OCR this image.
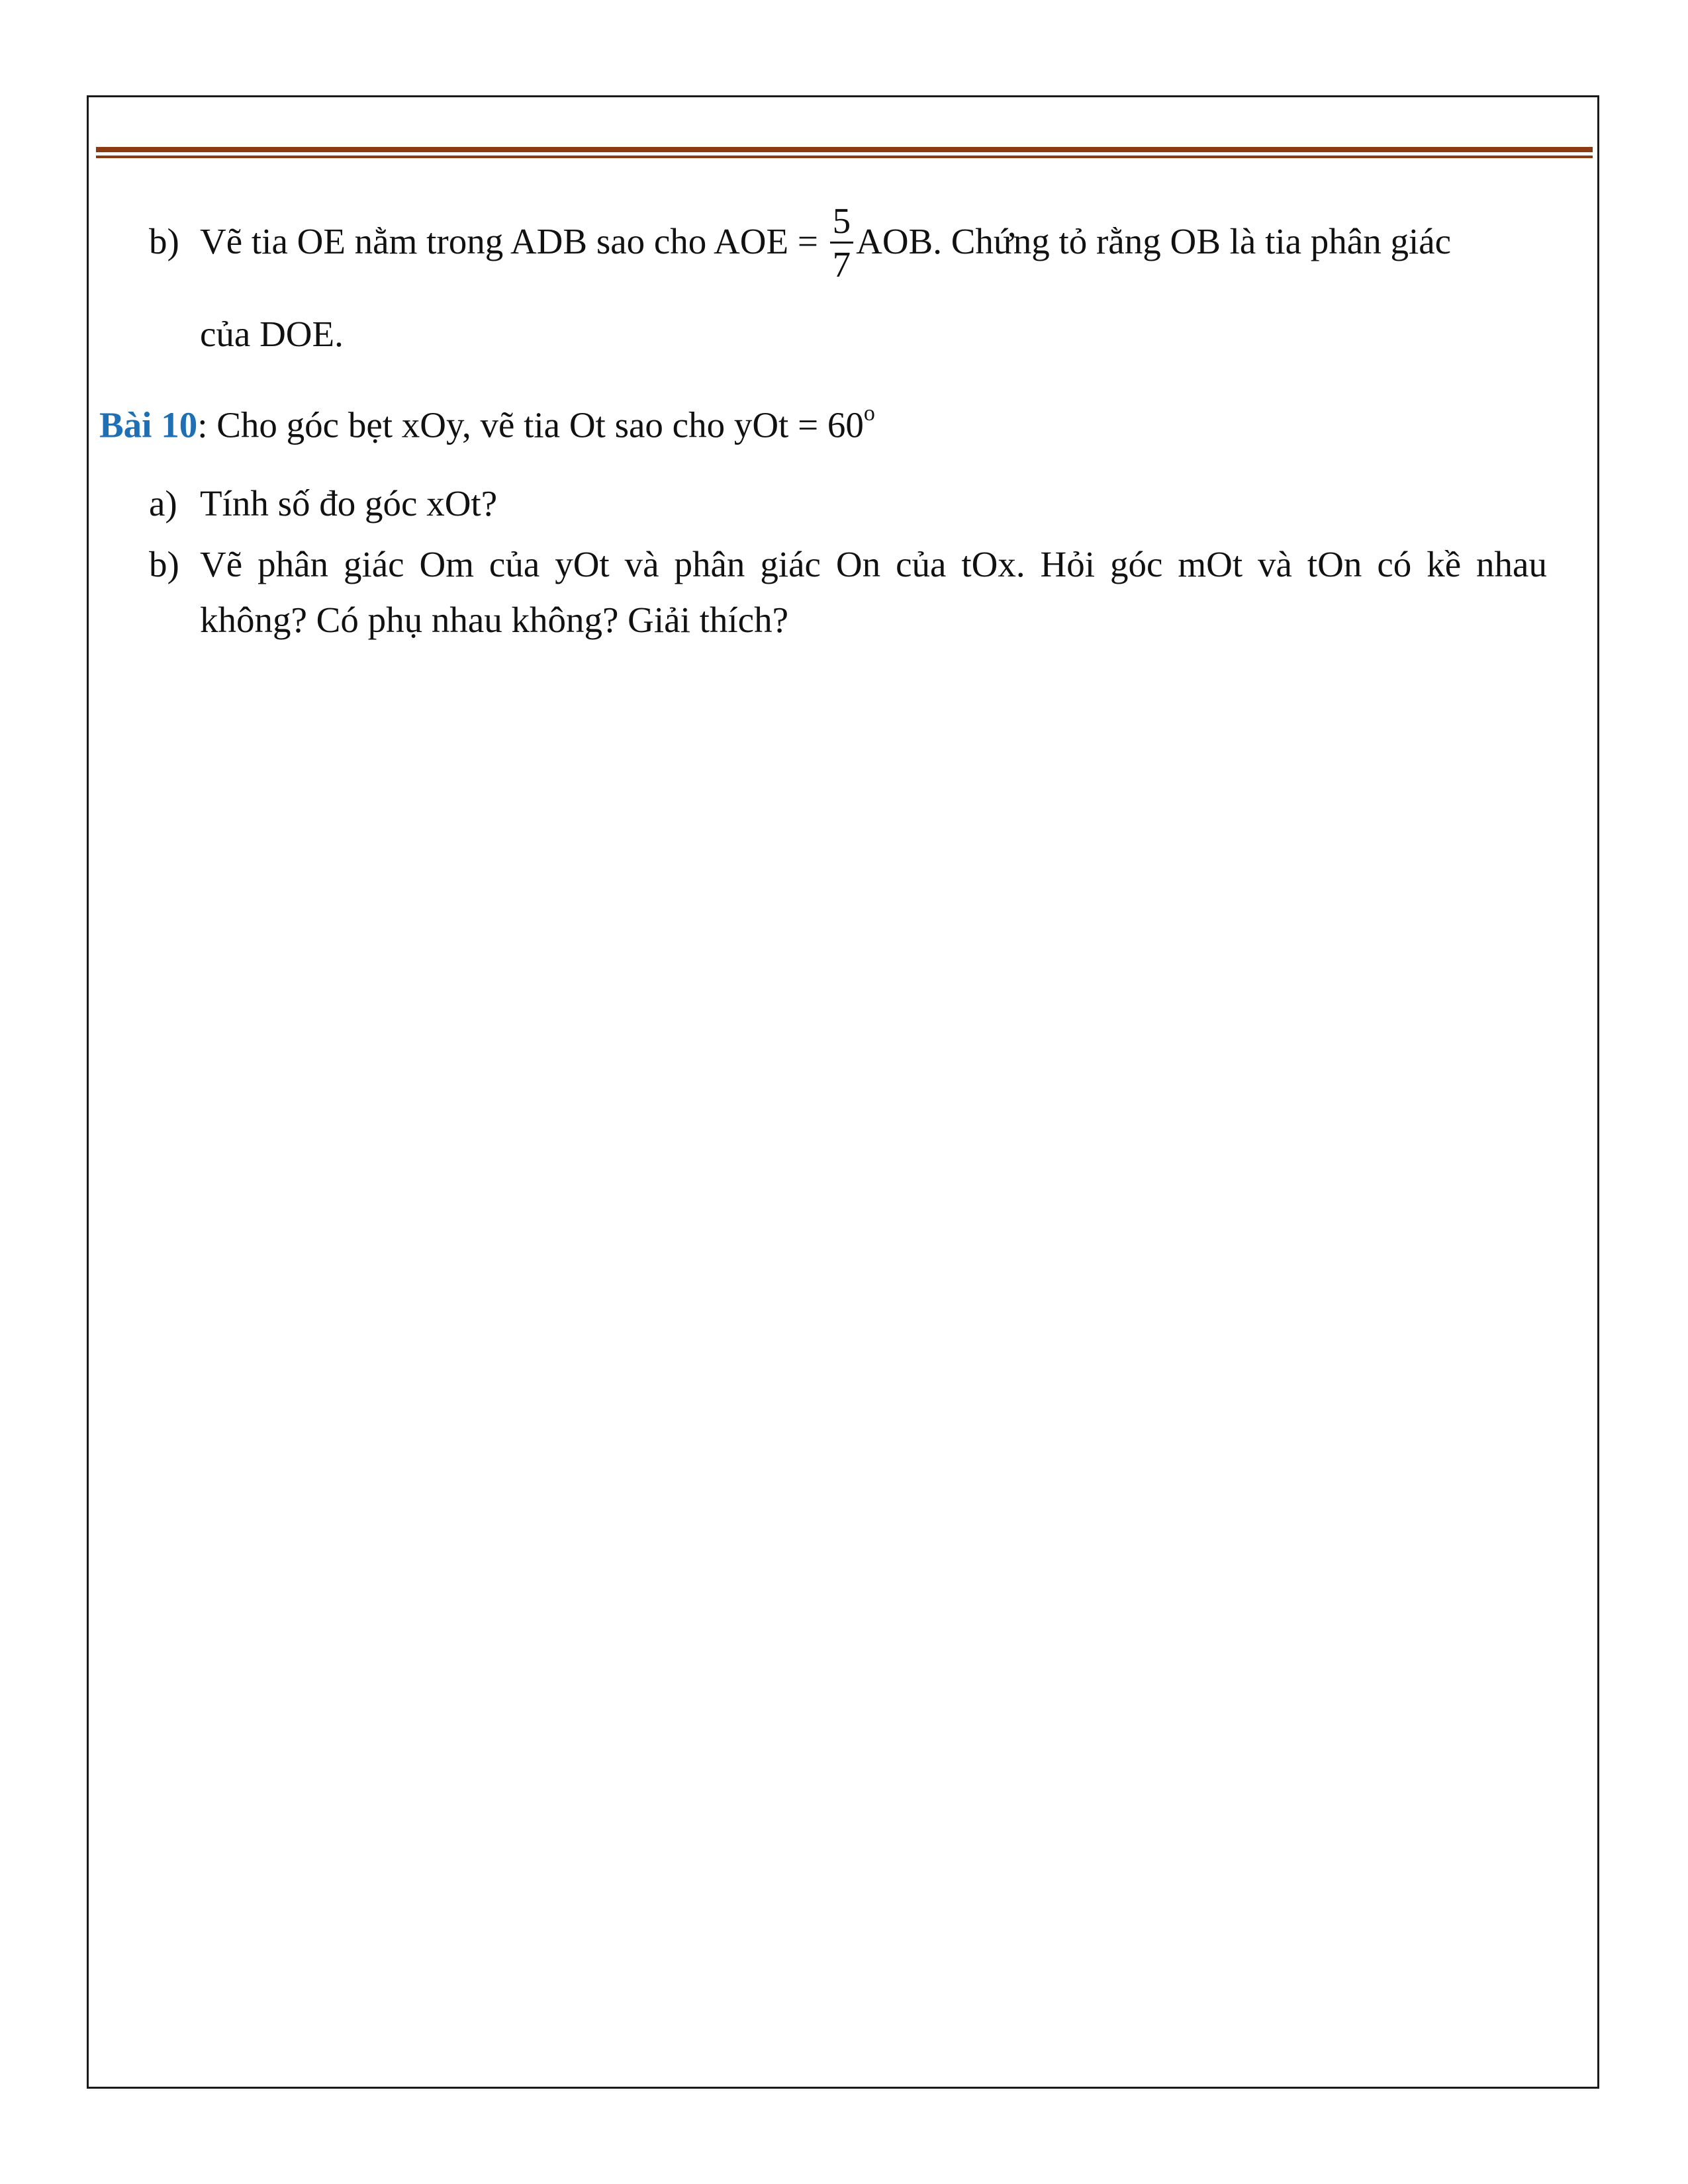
b) Vẽ tia OE nằm trong ADB sao cho AOE = $\frac{5}{7}$ AOB. Chứng tỏ rằng OB là tia phân giác
của DOE.
Bài 10: Cho góc bẹt xOy, vẽ tia Ot sao cho yOt = $60^o$
a) Tính số đo góc xOt?
b) Vẽ phân giác Om của yOt và phân giác On của tOx. Hỏi góc mOt và tOn có kề nhau
không? Có phụ nhau không? Giải thích?
